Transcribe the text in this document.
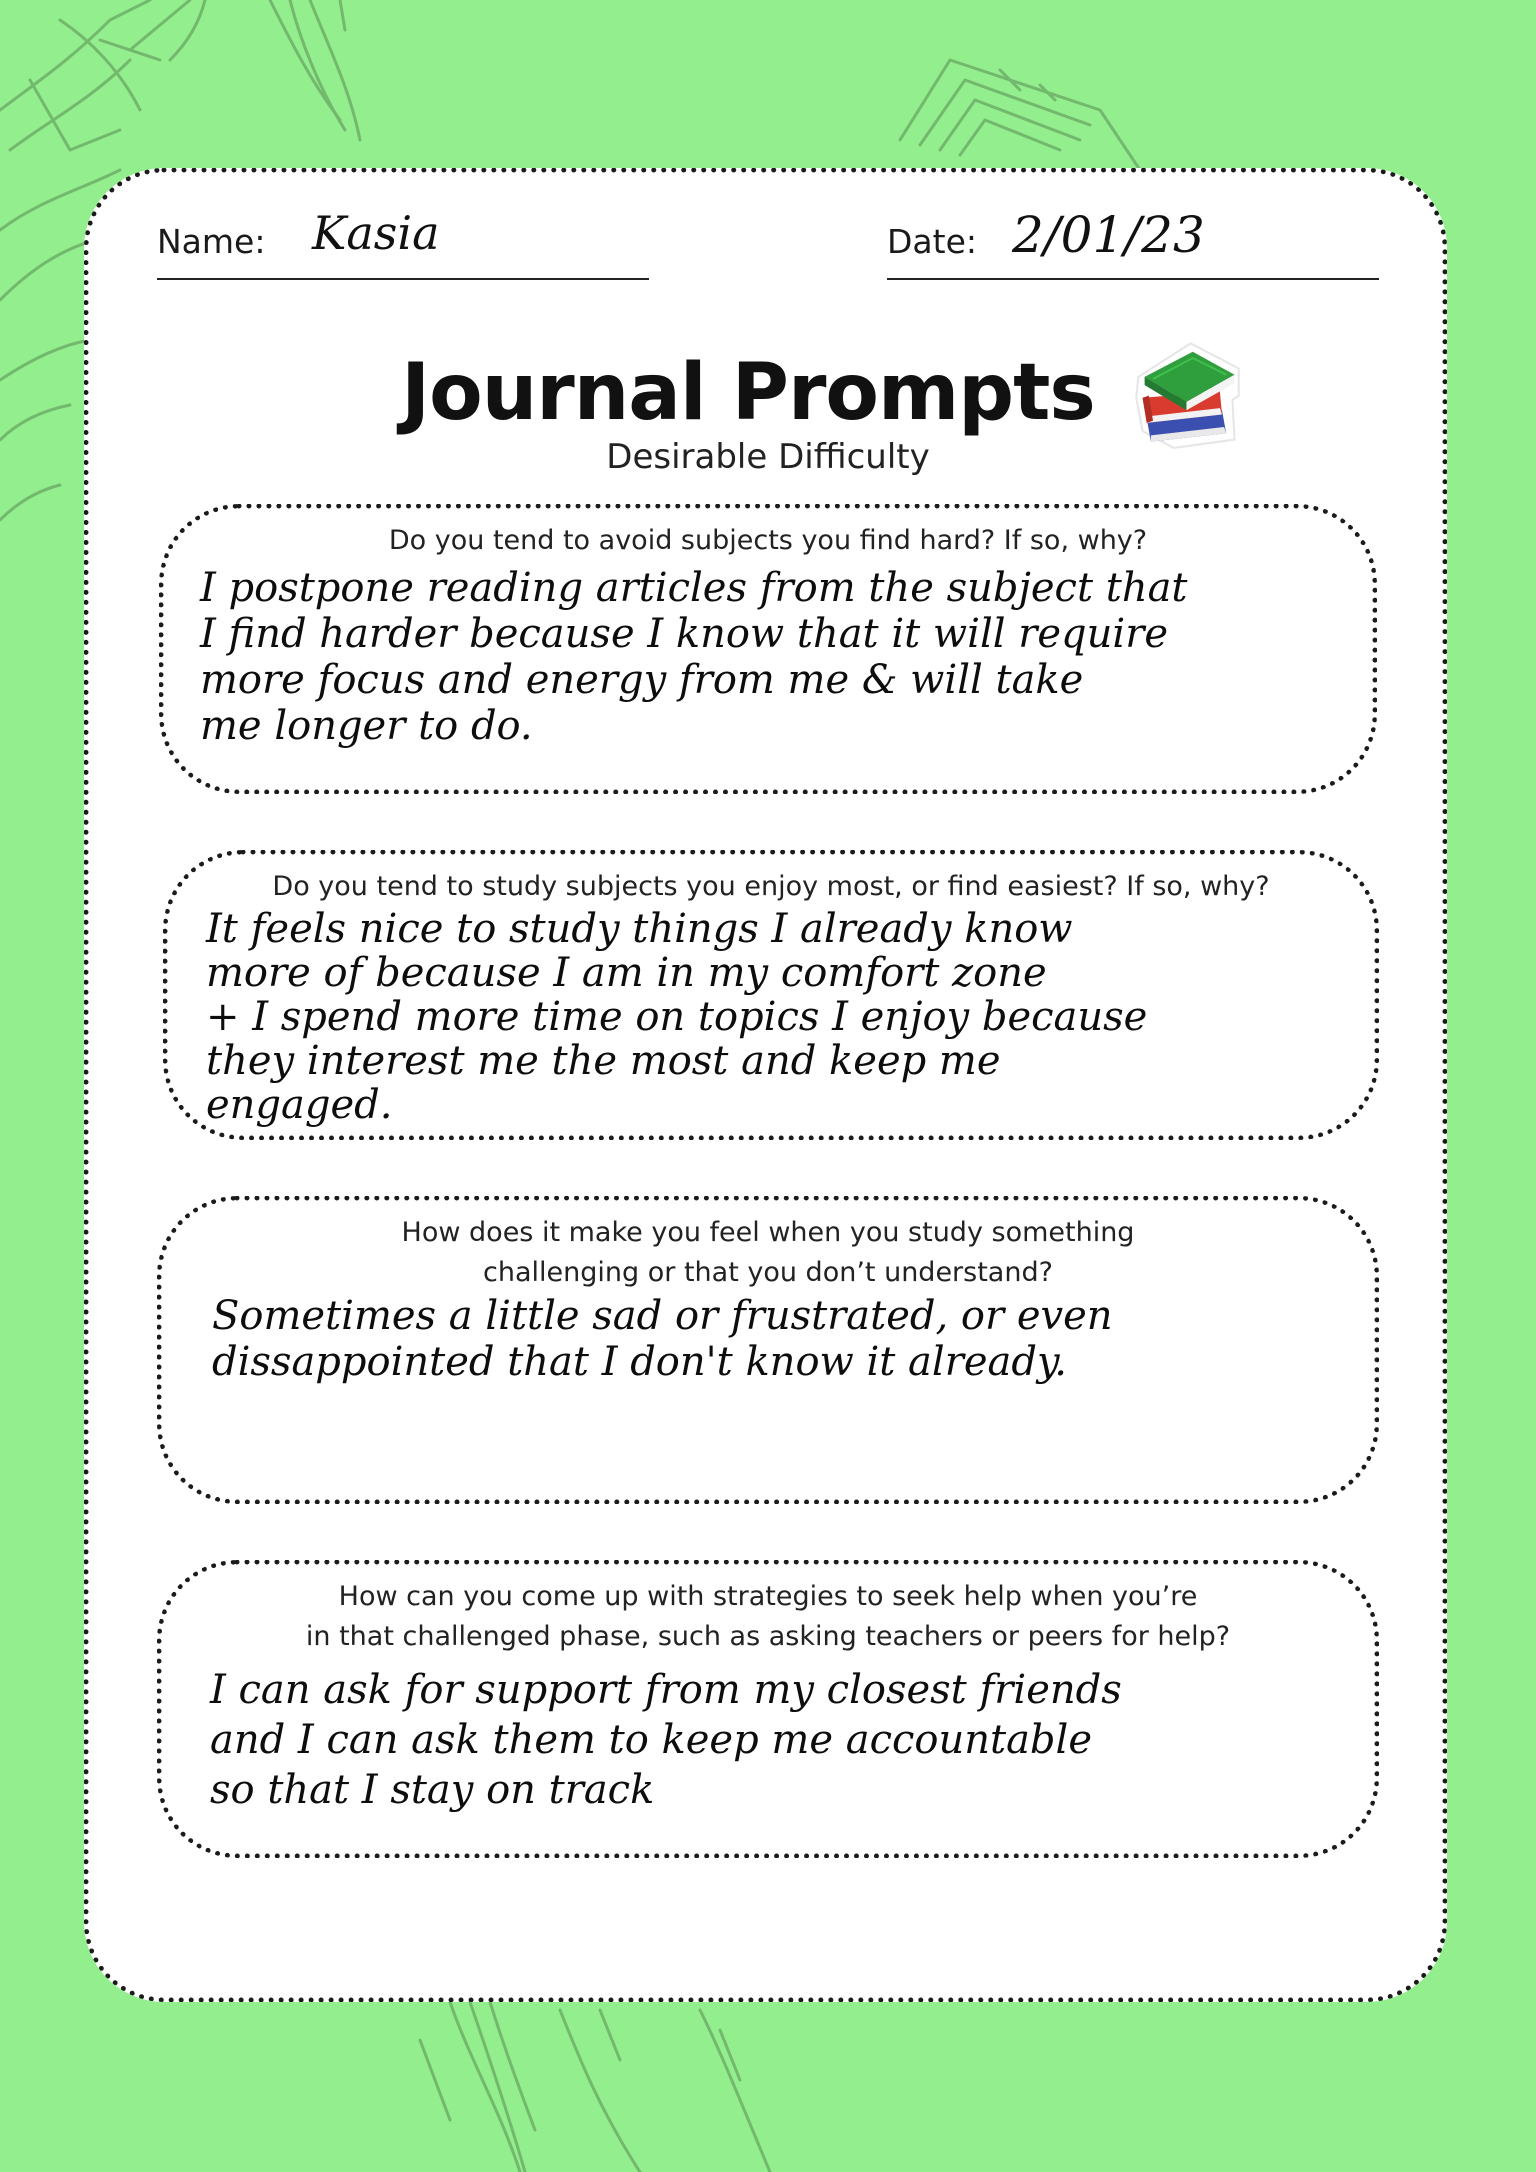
Name: Kasia	Date: 2/01/23
Journal Prompts
Desirable Difficulty
Do you tend to avoid subjects you find hard? If so, why?
I postpone reading articles from the subject that
I find harder because I know that it will require
more focus and energy from me & will take
me longer to do.
Do you tend to study subjects you enjoy most, or find easiest? If so, why?
It feels nice to study things I already know
more of because I am in my comfort zone
+ I spend more time on topics I enjoy because
they interest me the most and keep me
engaged.
How does it make you feel when you study something
challenging or that you don’t understand?
Sometimes a little sad or frustrated, or even
dissappointed that I don't know it already.
How can you come up with strategies to seek help when you’re
in that challenged phase, such as asking teachers or peers for help?
I can ask for support from my closest friends
and I can ask them to keep me accountable
so that I stay on track
